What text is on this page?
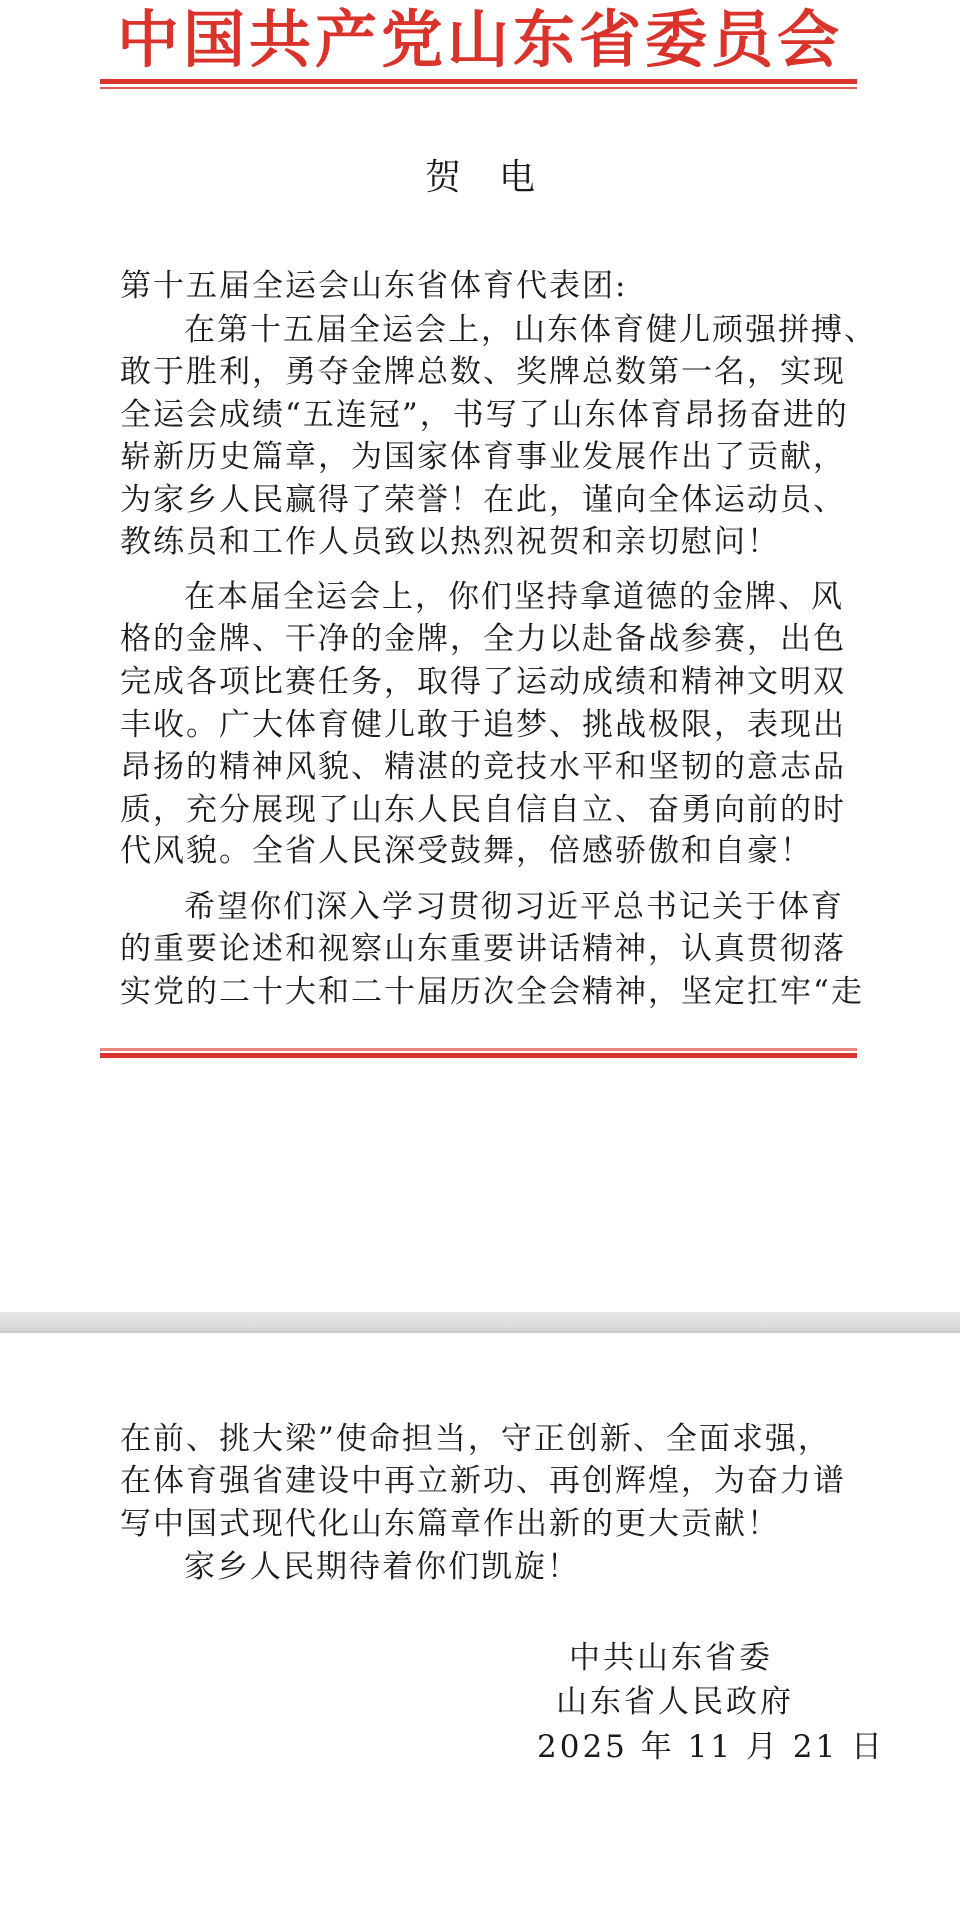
中国共产党山东省委员会
贺电
第十五届全运会山东省体育代表团:
在第十五届全运会上，山东体育健儿顽强拼搏、
敢于胜利，勇夺金牌总数、奖牌总数第一名，实现
全运会成绩“五连冠”，书写了山东体育昂扬奋进的
崭新历史篇章，为国家体育事业发展作出了贡献，
为家乡人民赢得了荣誉！在此，谨向全体运动员、
教练员和工作人员致以热烈祝贺和亲切慰问！
在本届全运会上，你们坚持拿道德的金牌、风
格的金牌、干净的金牌，全力以赴备战参赛，出色
完成各项比赛任务，取得了运动成绩和精神文明双
丰收。广大体育健儿敢于追梦、挑战极限，表现出
昂扬的精神风貌、精湛的竞技水平和坚韧的意志品
质，充分展现了山东人民自信自立、奋勇向前的时
代风貌。全省人民深受鼓舞，倍感骄傲和自豪！
希望你们深入学习贯彻习近平总书记关于体育
的重要论述和视察山东重要讲话精神，认真贯彻落
实党的二十大和二十届历次全会精神，坚定扛牢“走
在前、挑大梁”使命担当，守正创新、全面求强，
在体育强省建设中再立新功、再创辉煌，为奋力谱
写中国式现代化山东篇章作出新的更大贡献！
家乡人民期待着你们凯旋！
中共山东省委
山东省人民政府
2025 年 11 月 21 日
